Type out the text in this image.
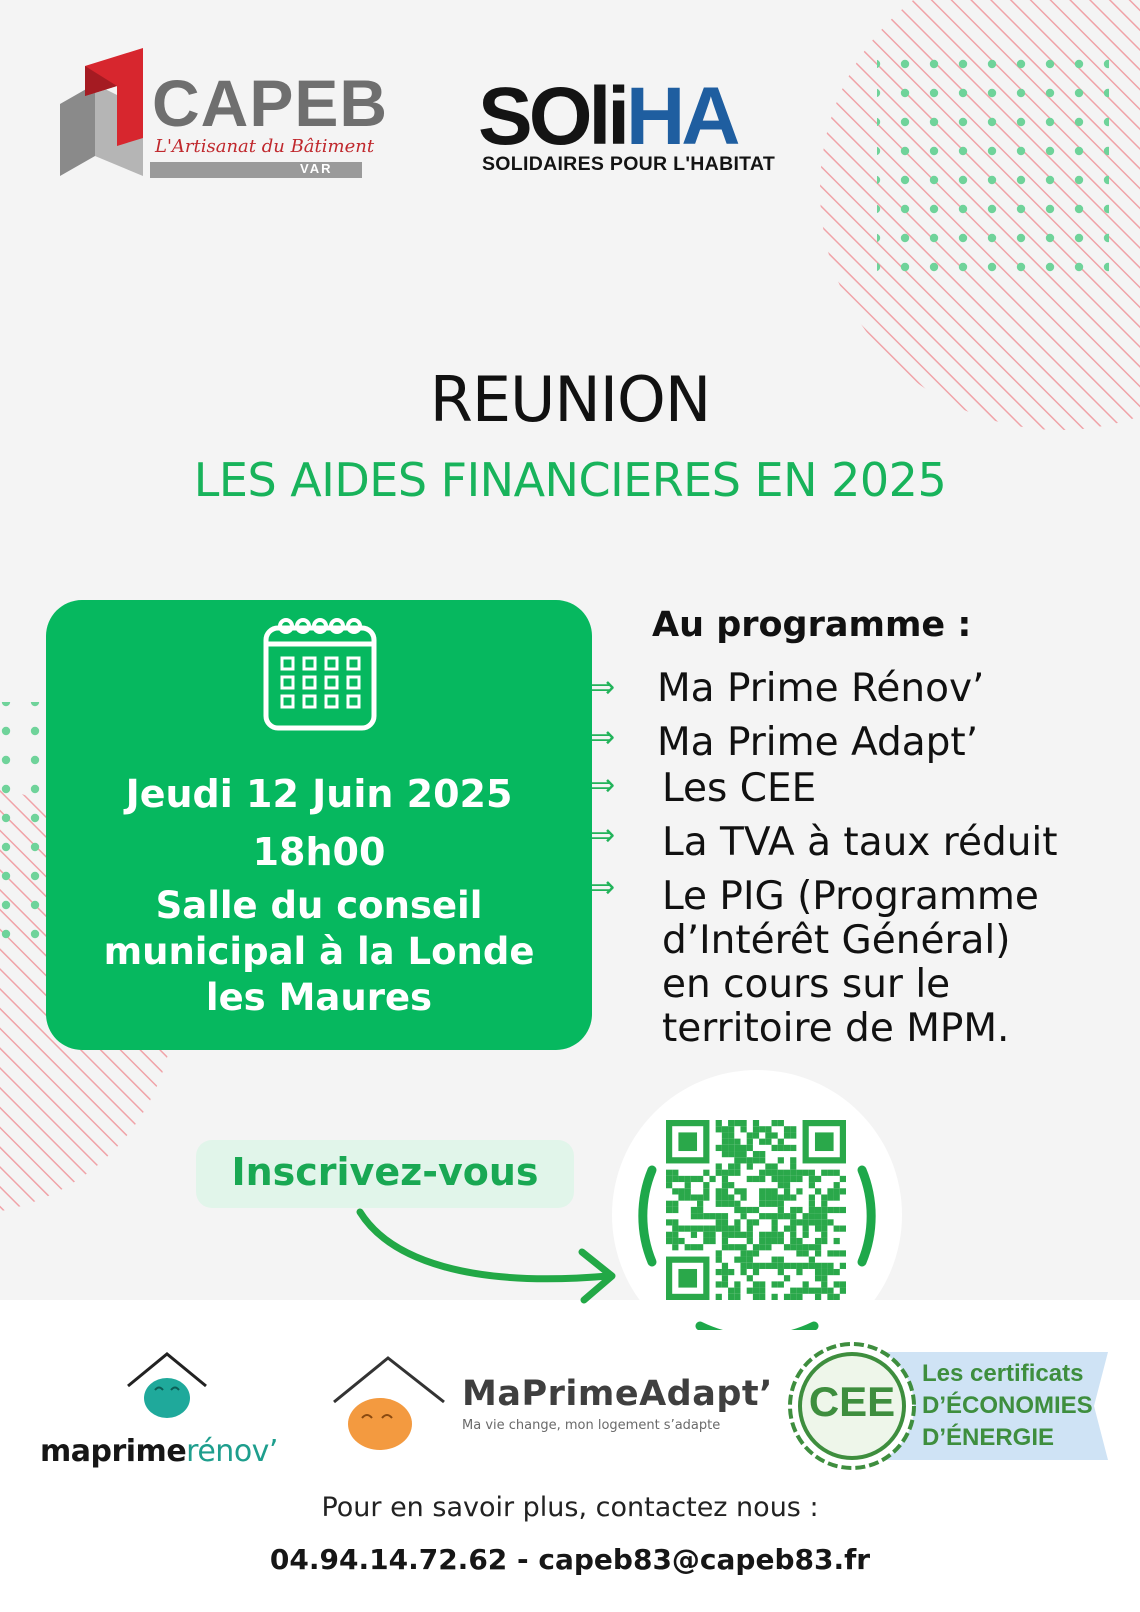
CAPEB
L'Artisanat du Bâtiment
VAR
SOliHA
SOLIDAIRES POUR L'HABITAT
REUNION
LES AIDES FINANCIERES EN 2025
Jeudi 12 Juin 2025
18h00
Salle du conseil
municipal à la Londe
les Maures
Au programme :
⇒ Ma Prime Rénov’
⇒ Ma Prime Adapt’
⇒ Les CEE
⇒ La TVA à taux réduit
⇒ Le PIG (Programme
d’Intérêt Général)
en cours sur le
territoire de MPM.
Inscrivez-vous
maprimerénov’
MaPrimeAdapt’
Ma vie change, mon logement s’adapte
CEE
Les certificats
D’ÉCONOMIES
D’ÉNERGIE
Pour en savoir plus, contactez nous :
04.94.14.72.62 - capeb83@capeb83.fr
